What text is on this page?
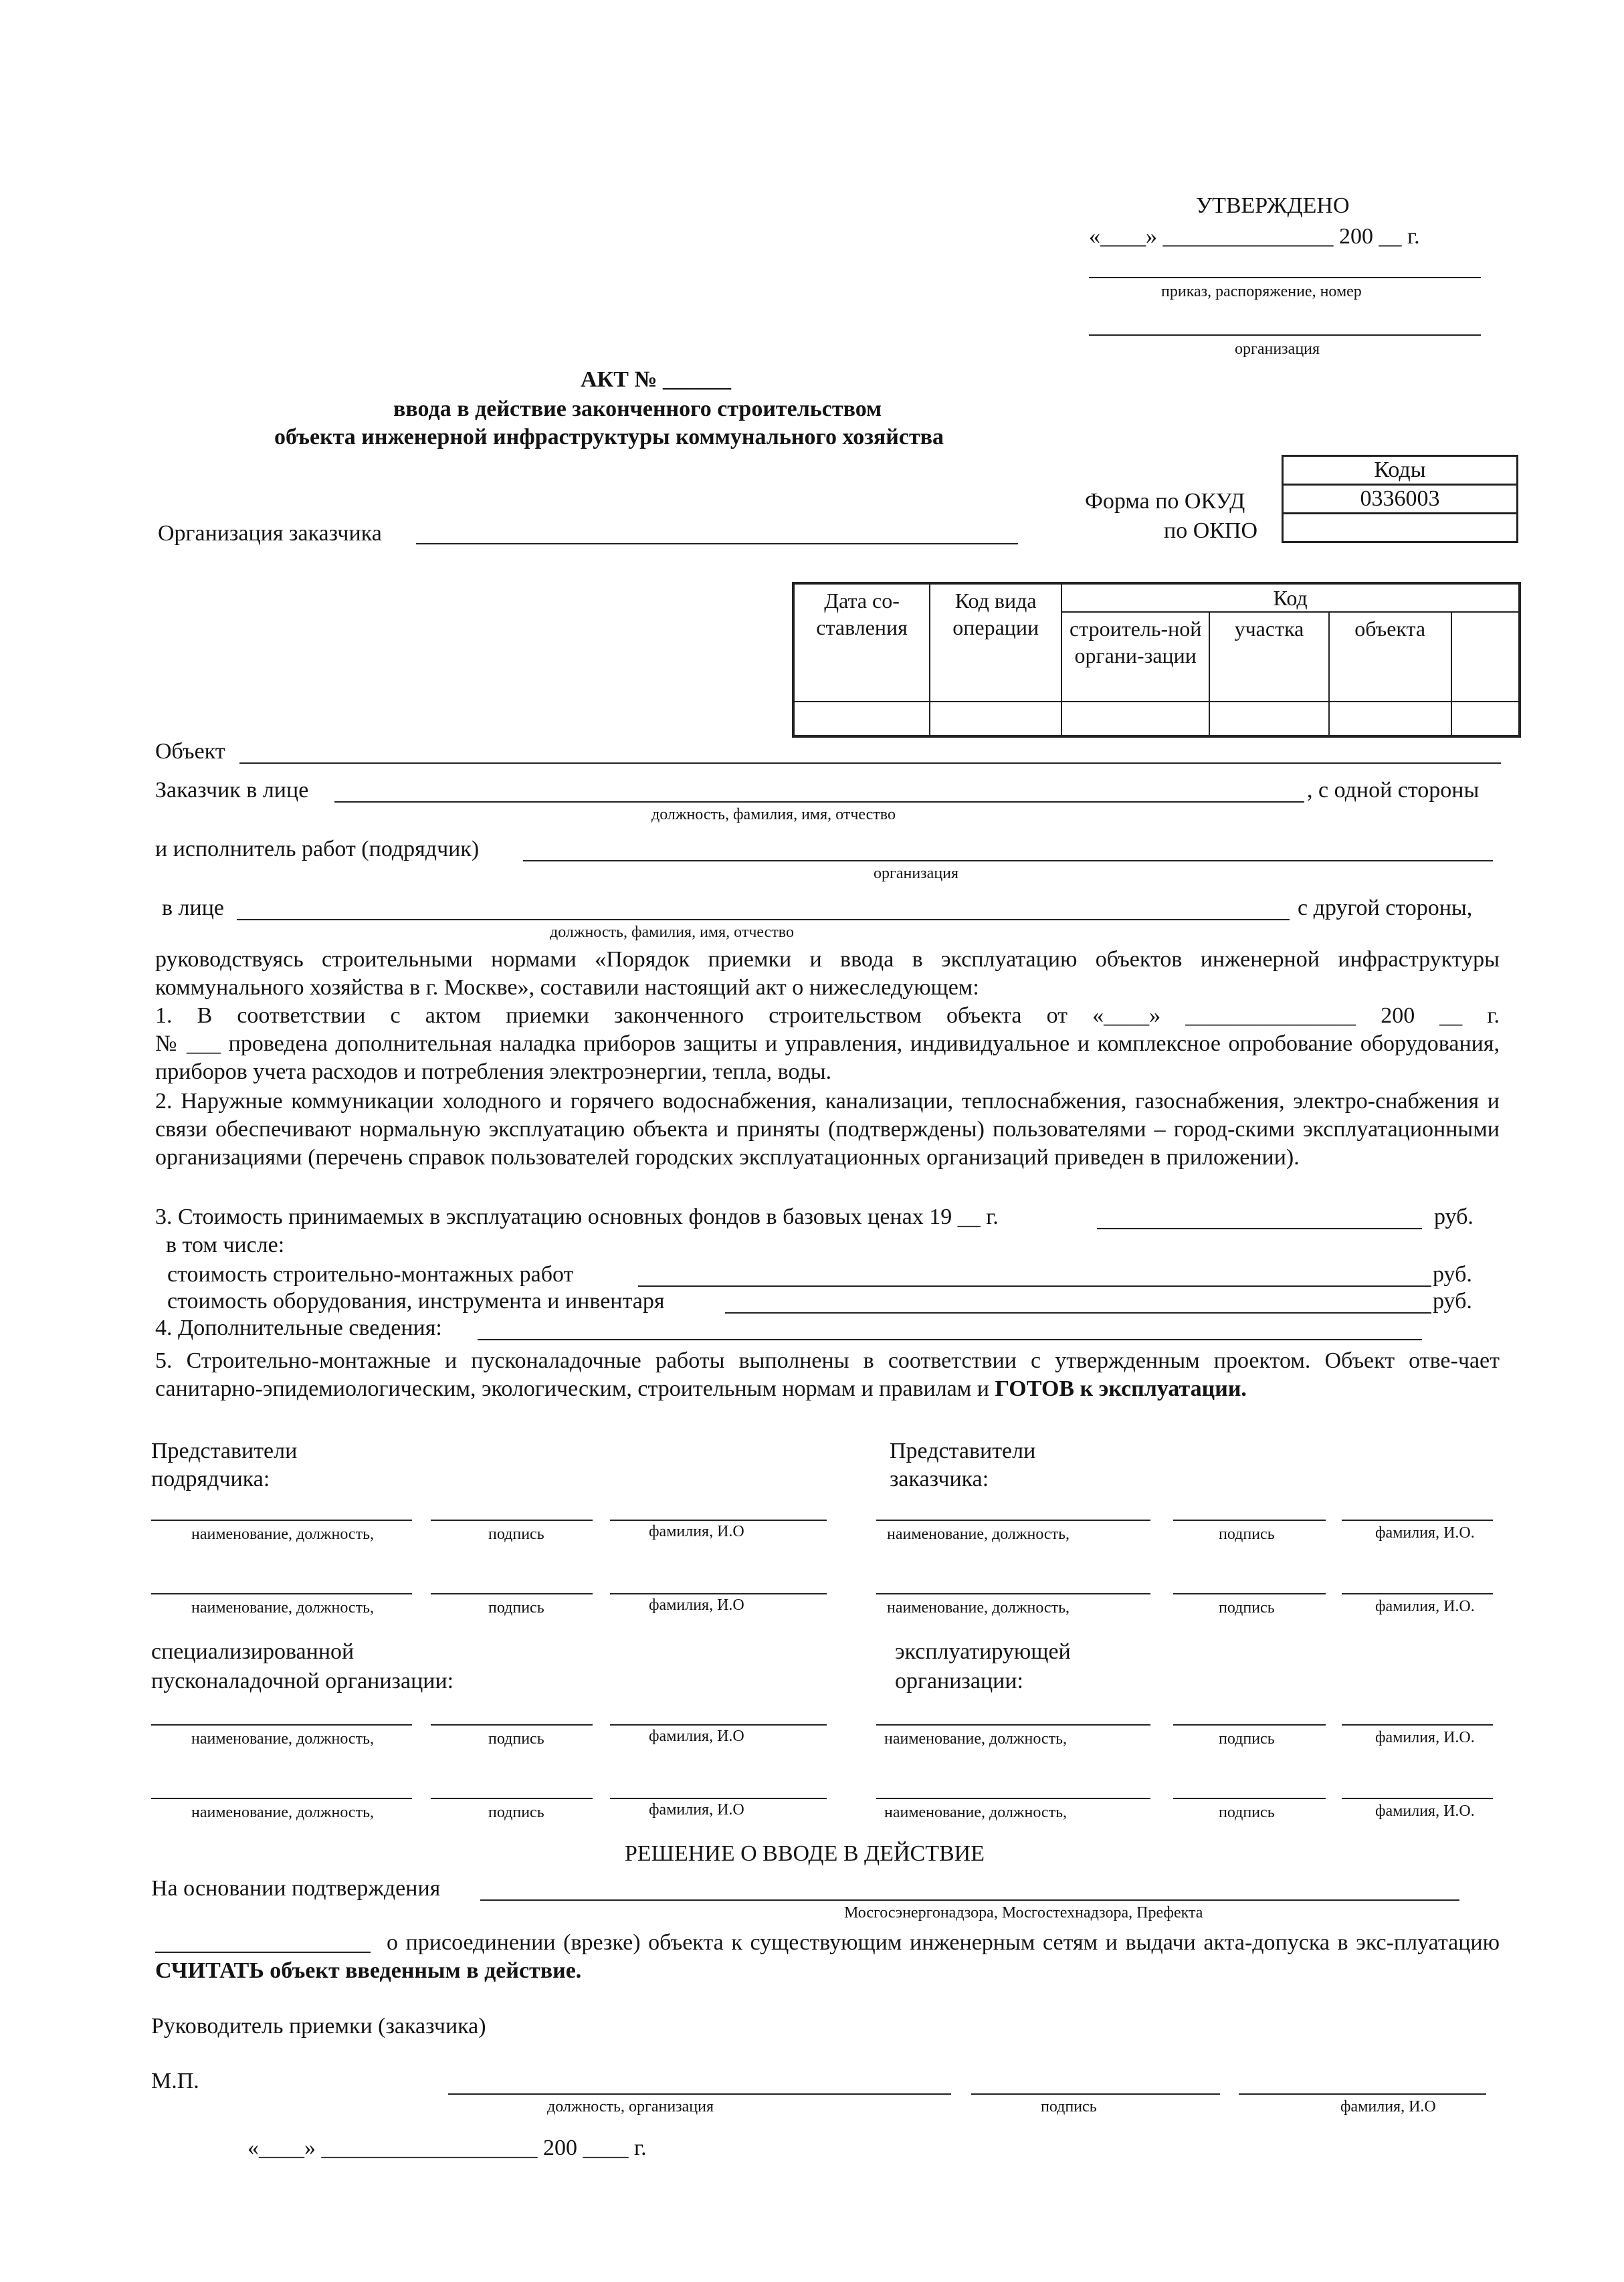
УТВЕРЖДЕНО
«____» _______________ 200 __ г.
приказ, распоряжение, номер
организация
АКТ № ______
ввода в действие законченного строительством
объекта инженерной инфраструктуры коммунального хозяйства
Коды
0336003

Форма по ОКУД
по ОКПО
Организация заказчика
Дата со-ставления	Код вида операции	Код			
		строитель-ной органи-зации	участка	объекта	

Объект
Заказчик в лице	, с одной стороны
должность, фамилия, имя, отчество
и исполнитель работ (подрядчик)
организация
в лице	с другой стороны,
должность, фамилия, имя, отчество
руководствуясь строительными нормами «Порядок приемки и ввода в эксплуатацию объектов инженерной инфраструктуры коммунального хозяйства в г. Москве», составили настоящий акт о нижеследующем:
1. В соответствии с актом приемки законченного строительством объекта от «____» _______________ 200 __ г.
№ ___ проведена дополнительная наладка приборов защиты и управления, индивидуальное и комплексное опробование оборудования, приборов учета расходов и потребления электроэнергии, тепла, воды.
2. Наружные коммуникации холодного и горячего водоснабжения, канализации, теплоснабжения, газоснабжения, электро-снабжения и связи обеспечивают нормальную эксплуатацию объекта и приняты (подтверждены) пользователями – город-скими эксплуатационными организациями (перечень справок пользователей городских эксплуатационных организаций приведен в приложении).
3. Стоимость принимаемых в эксплуатацию основных фондов в базовых ценах 19 __ г.	руб.
в том числе:
стоимость строительно-монтажных работ	руб.
стоимость оборудования, инструмента и инвентаря	руб.
4. Дополнительные сведения:
5. Строительно-монтажные и пусконаладочные работы выполнены в соответствии с утвержденным проектом. Объект отве-чает санитарно-эпидемиологическим, экологическим, строительным нормам и правилам и ГОТОВ к эксплуатации.
Представители
подрядчика:
Представители
заказчика:
наименование, должность,	подпись	фамилия, И.О
наименование, должность,	подпись	фамилия, И.О
наименование, должность,	подпись	фамилия, И.О.
наименование, должность,	подпись	фамилия, И.О.
специализированной
пусконаладочной организации:
эксплуатирующей
организации:
наименование, должность,	подпись	фамилия, И.О
наименование, должность,	подпись	фамилия, И.О
наименование, должность,	подпись	фамилия, И.О.
наименование, должность,	подпись	фамилия, И.О.
РЕШЕНИЕ О ВВОДЕ В ДЕЙСТВИЕ
На основании подтверждения
Мосгосэнергонадзора, Мосгостехнадзора, Префекта
о присоединении (врезке) объекта к существующим инженерным сетям и выдачи акта-допуска в экс-плуатацию СЧИТАТЬ объект введенным в действие.
Руководитель приемки (заказчика)
М.П.
должность, организация	подпись	фамилия, И.О
«____» ___________________ 200 ____ г.
